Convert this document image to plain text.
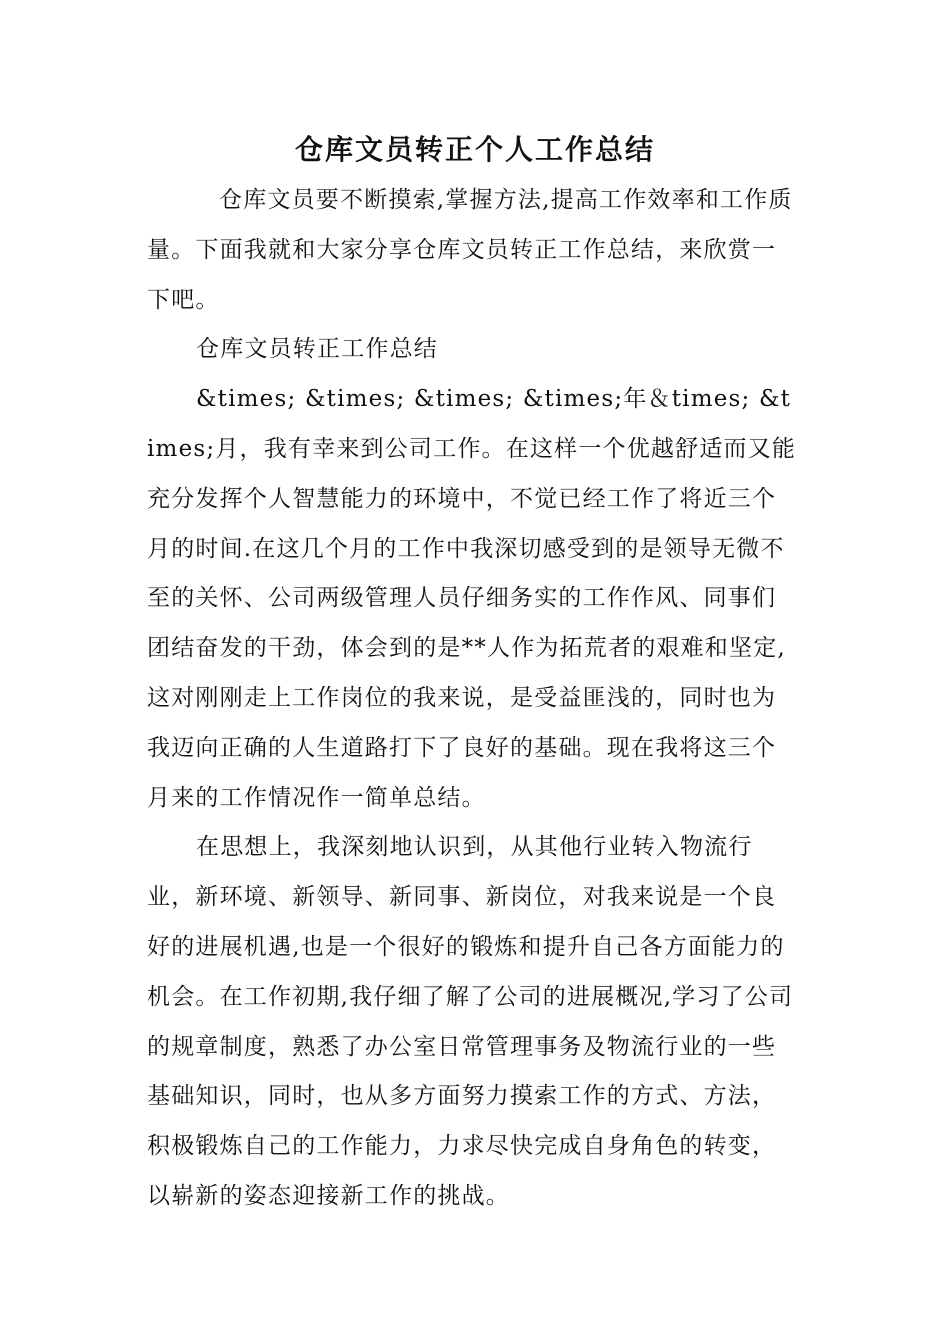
仓库文员转正个人工作总结

仓库文员要不断摸索,掌握方法,提高工作效率和工作质量。下面我就和大家分享仓库文员转正工作总结，来欣赏一下吧。

仓库文员转正工作总结

&times; &times; &times; &times;年＆times; &times;月，我有幸来到公司工作。在这样一个优越舒适而又能充分发挥个人智慧能力的环境中，不觉已经工作了将近三个月的时间.在这几个月的工作中我深切感受到的是领导无微不至的关怀、公司两级管理人员仔细务实的工作作风、同事们团结奋发的干劲，体会到的是**人作为拓荒者的艰难和坚定,这对刚刚走上工作岗位的我来说，是受益匪浅的，同时也为我迈向正确的人生道路打下了良好的基础。现在我将这三个月来的工作情况作一简单总结。

在思想上，我深刻地认识到，从其他行业转入物流行业，新环境、新领导、新同事、新岗位，对我来说是一个良好的进展机遇,也是一个很好的锻炼和提升自己各方面能力的机会。在工作初期,我仔细了解了公司的进展概况,学习了公司的规章制度，熟悉了办公室日常管理事务及物流行业的一些基础知识，同时，也从多方面努力摸索工作的方式、方法，积极锻炼自己的工作能力，力求尽快完成自身角色的转变，以崭新的姿态迎接新工作的挑战。
